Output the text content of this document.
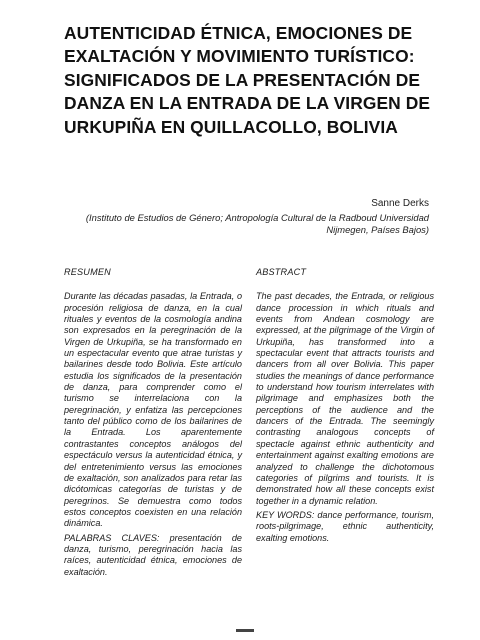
AUTENTICIDAD ÉTNICA, EMOCIONES DE EXALTACIÓN Y MOVIMIENTO TURÍSTICO: SIGNIFICADOS DE LA PRESENTACIÓN DE DANZA EN LA ENTRADA DE LA VIRGEN DE URKUPIÑA EN QUILLACOLLO, BOLIVIA
Sanne Derks
(Instituto de Estudios de Género; Antropología Cultural de la Radboud Universidad Nijmegen, Países Bajos)
RESUMEN

Durante las décadas pasadas, la Entrada, o procesión religiosa de danza, en la cual rituales y eventos de la cosmología andina son expresados en la peregrinación de la Virgen de Urkupiña, se ha transformado en un espectacular evento que atrae turistas y bailarines desde todo Bolivia. Este artículo estudia los significados de la presentación de danza, para comprender como el turismo se interrelaciona con la peregrinación, y enfatiza las percepciones tanto del público como de los bailarines de la Entrada. Los aparentemente contrastantes conceptos análogos del espectáculo versus la autenticidad étnica, y del entretenimiento versus las emociones de exaltación, son analizados para retar las dicótomicas categorías de turistas y de peregrinos. Se demuestra como todos estos conceptos coexisten en una relación dinámica.

PALABRAS CLAVES: presentación de danza, turismo, peregrinación hacia las raíces, autenticidad étnica, emociones de exaltación.

ABSTRACT

The past decades, the Entrada, or religious dance procession in which rituals and events from Andean cosmology are expressed, at the pilgrimage of the Virgin of Urkupiña, has transformed into a spectacular event that attracts tourists and dancers from all over Bolivia. This paper studies the meanings of dance performance to understand how tourism interrelates with pilgrimage and emphasizes both the perceptions of the audience and the dancers of the Entrada. The seemingly contrasting analogous concepts of spectacle against ethnic authenticity and entertainment against exalting emotions are analyzed to challenge the dichotomous categories of pilgrims and tourists. It is demonstrated how all these concepts exist together in a dynamic relation.

KEY WORDS: dance performance, tourism, roots-pilgrimage, ethnic authenticity, exalting emotions.
